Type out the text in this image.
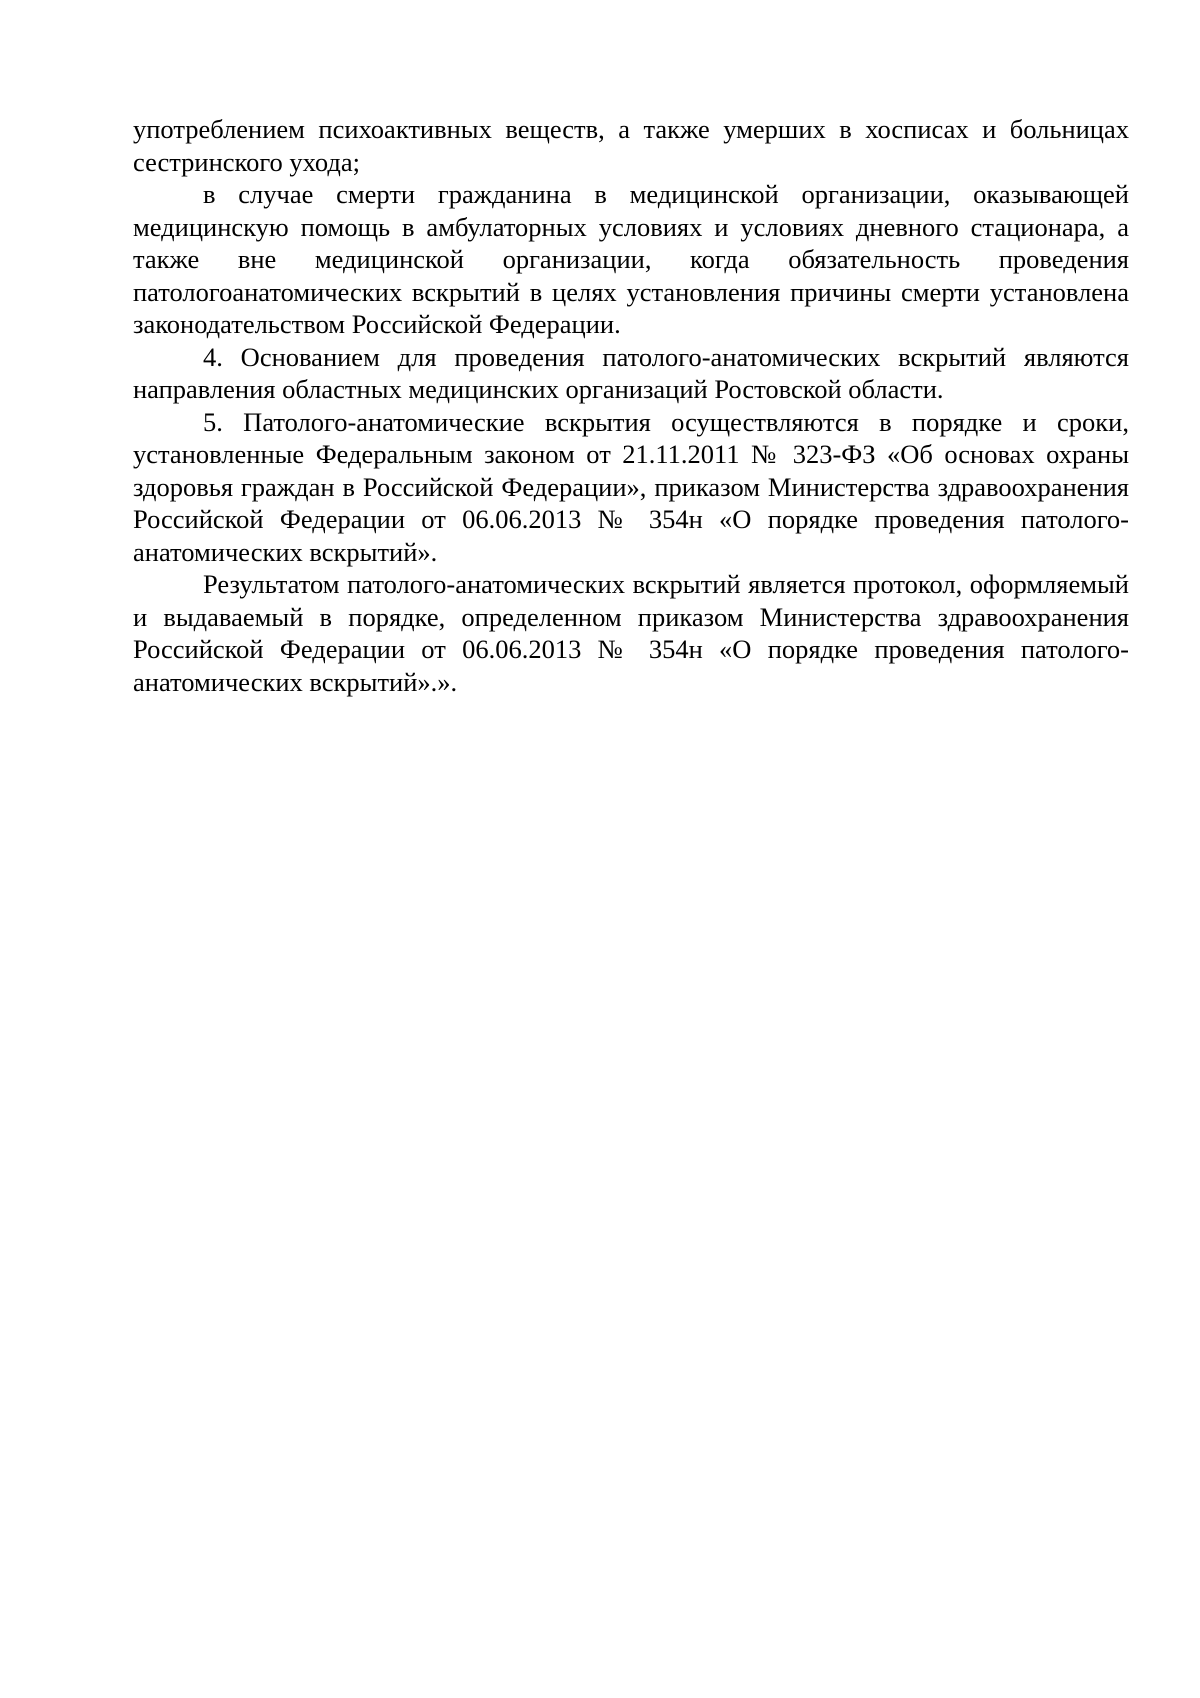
употреблением психоактивных веществ, а также умерших в хосписах и больницах сестринского ухода;

в случае смерти гражданина в медицинской организации, оказывающей медицинскую помощь в амбулаторных условиях и условиях дневного стационара, а также вне медицинской организации, когда обязательность проведения патологоанатомических вскрытий в целях установления причины смерти установлена законодательством Российской Федерации.

4. Основанием для проведения патолого-анатомических вскрытий являются направления областных медицинских организаций Ростовской области.

5. Патолого-анатомические вскрытия осуществляются в порядке и сроки, установленные Федеральным законом от 21.11.2011 № 323-ФЗ «Об основах охраны здоровья граждан в Российской Федерации», приказом Министерства здравоохранения Российской Федерации от 06.06.2013 № 354н «О порядке проведения патолого-анатомических вскрытий».

Результатом патолого-анатомических вскрытий является протокол, оформляемый и выдаваемый в порядке, определенном приказом Министерства здравоохранения Российской Федерации от 06.06.2013 № 354н «О порядке проведения патолого-анатомических вскрытий».».
